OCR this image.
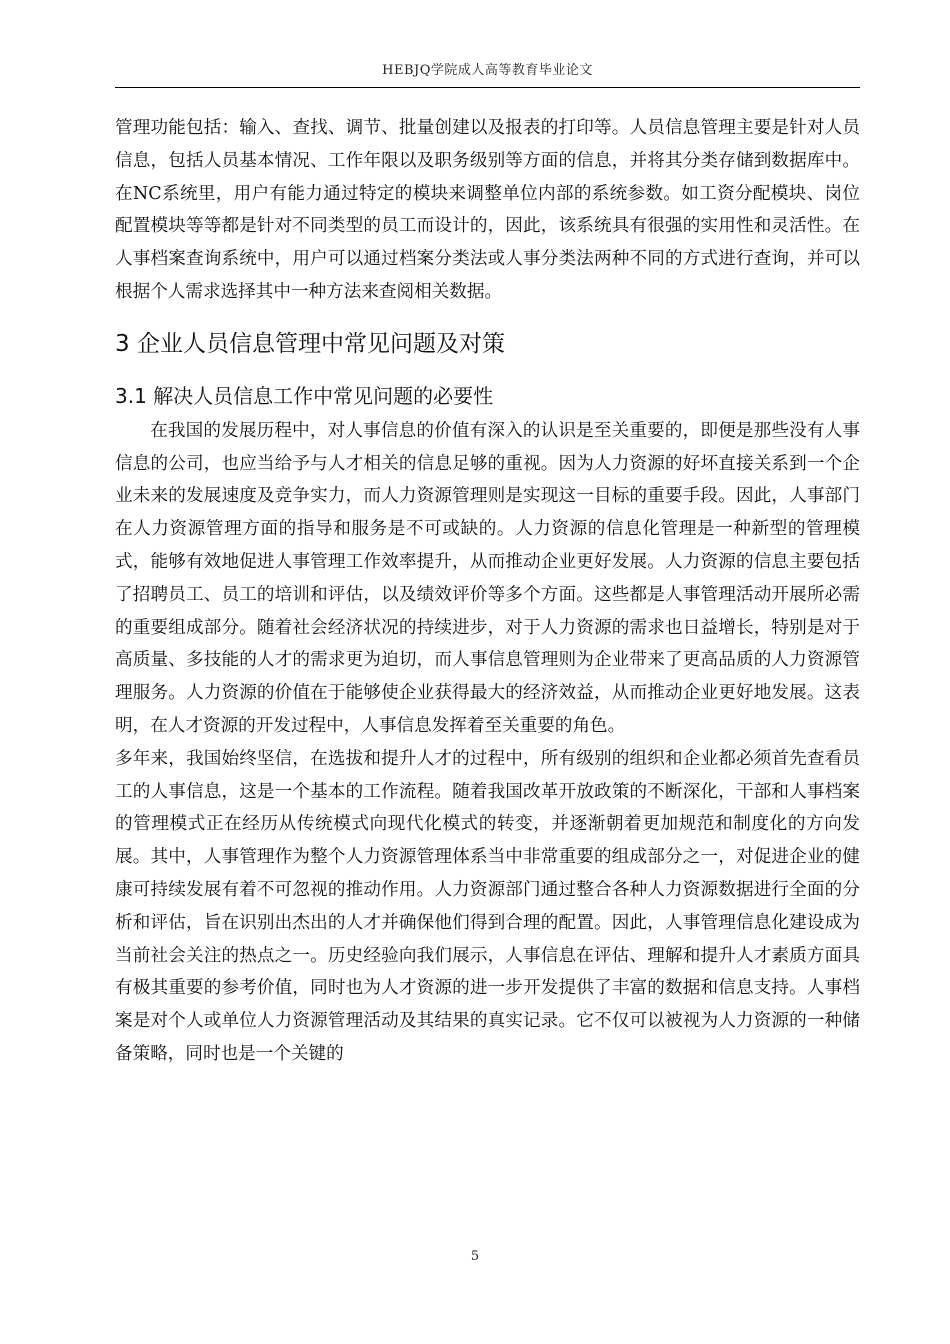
HEBJQ学院成人高等教育毕业论文

管理功能包括：输入、查找、调节、批量创建以及报表的打印等。人员信息管理主要是针对人员信息，包括人员基本情况、工作年限以及职务级别等方面的信息，并将其分类存储到数据库中。在NC系统里，用户有能力通过特定的模块来调整单位内部的系统参数。如工资分配模块、岗位配置模块等等都是针对不同类型的员工而设计的，因此，该系统具有很强的实用性和灵活性。在人事档案查询系统中，用户可以通过档案分类法或人事分类法两种不同的方式进行查询，并可以根据个人需求选择其中一种方法来查阅相关数据。

3 企业人员信息管理中常见问题及对策
3.1 解决人员信息工作中常见问题的必要性

在我国的发展历程中，对人事信息的价值有深入的认识是至关重要的，即便是那些没有人事信息的公司，也应当给予与人才相关的信息足够的重视。因为人力资源的好坏直接关系到一个企业未来的发展速度及竞争实力，而人力资源管理则是实现这一目标的重要手段。因此，人事部门在人力资源管理方面的指导和服务是不可或缺的。人力资源的信息化管理是一种新型的管理模式，能够有效地促进人事管理工作效率提升，从而推动企业更好发展。人力资源的信息主要包括了招聘员工、员工的培训和评估，以及绩效评价等多个方面。这些都是人事管理活动开展所必需的重要组成部分。随着社会经济状况的持续进步，对于人力资源的需求也日益增长，特别是对于高质量、多技能的人才的需求更为迫切，而人事信息管理则为企业带来了更高品质的人力资源管理服务。人力资源的价值在于能够使企业获得最大的经济效益，从而推动企业更好地发展。这表明，在人才资源的开发过程中，人事信息发挥着至关重要的角色。

多年来，我国始终坚信，在选拔和提升人才的过程中，所有级别的组织和企业都必须首先查看员工的人事信息，这是一个基本的工作流程。随着我国改革开放政策的不断深化，干部和人事档案的管理模式正在经历从传统模式向现代化模式的转变，并逐渐朝着更加规范和制度化的方向发展。其中，人事管理作为整个人力资源管理体系当中非常重要的组成部分之一，对促进企业的健康可持续发展有着不可忽视的推动作用。人力资源部门通过整合各种人力资源数据进行全面的分析和评估，旨在识别出杰出的人才并确保他们得到合理的配置。因此，人事管理信息化建设成为当前社会关注的热点之一。历史经验向我们展示，人事信息在评估、理解和提升人才素质方面具有极其重要的参考价值，同时也为人才资源的进一步开发提供了丰富的数据和信息支持。人事档案是对个人或单位人力资源管理活动及其结果的真实记录。它不仅可以被视为人力资源的一种储备策略，同时也是一个关键的

5
